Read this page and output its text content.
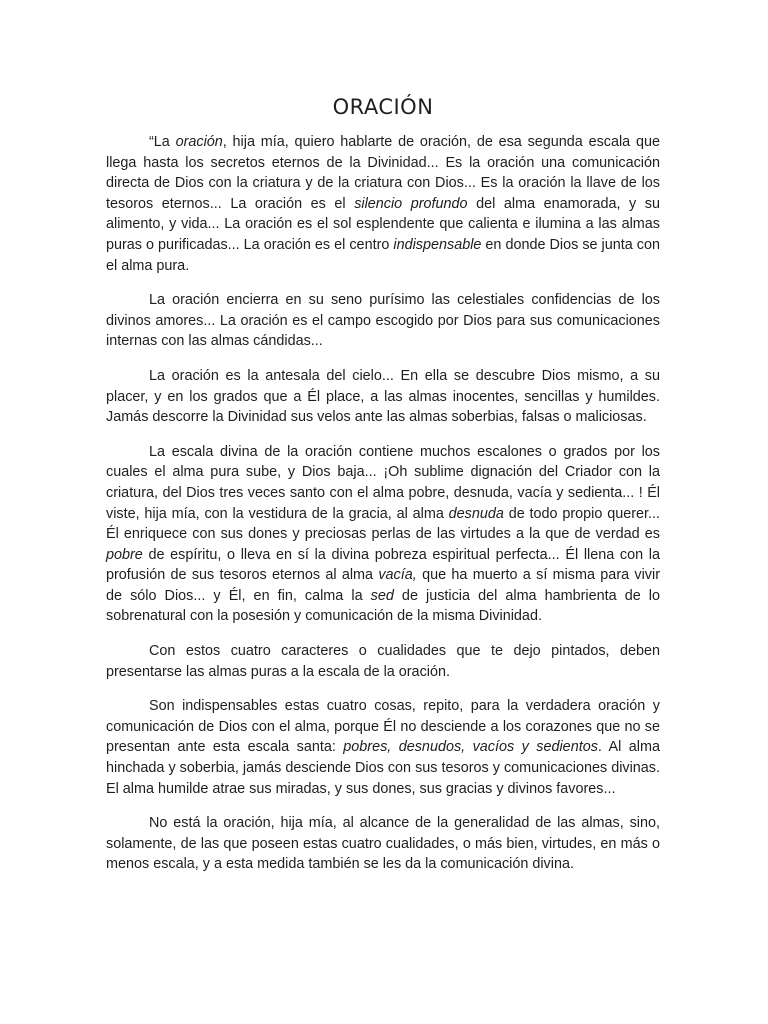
ORACIÓN

“La oración, hija mía, quiero hablarte de oración, de esa segunda escala que llega hasta los secretos eternos de la Divinidad... Es la oración una comunicación directa de Dios con la criatura y de la criatura con Dios... Es la oración la llave de los tesoros eternos... La oración es el silencio profundo del alma enamorada, y su alimento, y vida... La oración es el sol esplendente que calienta e ilumina a las almas puras o purificadas... La oración es el centro indispensable en donde Dios se junta con el alma pura.

La oración encierra en su seno purísimo las celestiales confidencias de los divinos amores... La oración es el campo escogido por Dios para sus comunicaciones internas con las almas cándidas...

La oración es la antesala del cielo... En ella se descubre Dios mismo, a su placer, y en los grados que a Él place, a las almas inocentes, sencillas y humildes. Jamás descorre la Divinidad sus velos ante las almas soberbias, falsas o maliciosas.

La escala divina de la oración contiene muchos escalones o grados por los cuales el alma pura sube, y Dios baja... ¡Oh sublime dignación del Criador con la criatura, del Dios tres veces santo con el alma pobre, desnuda, vacía y sedienta... ! Él viste, hija mía, con la vestidura de la gracia, al alma desnuda de todo propio querer... Él enriquece con sus dones y preciosas perlas de las virtudes a la que de verdad es pobre de espíritu, o lleva en sí la divina pobreza espiritual perfecta... Él llena con la profusión de sus tesoros eternos al alma vacía, que ha muerto a sí misma para vivir de sólo Dios... y Él, en fin, calma la sed de justicia del alma hambrienta de lo sobrenatural con la posesión y comunicación de la misma Divinidad.

Con estos cuatro caracteres o cualidades que te dejo pintados, deben presentarse las almas puras a la escala de la oración.

Son indispensables estas cuatro cosas, repito, para la verdadera oración y comunicación de Dios con el alma, porque Él no desciende a los corazones que no se presentan ante esta escala santa: pobres, desnudos, vacíos y sedientos. Al alma hinchada y soberbia, jamás desciende Dios con sus tesoros y comunicaciones divinas. El alma humilde atrae sus miradas, y sus dones, sus gracias y divinos favores...

No está la oración, hija mía, al alcance de la generalidad de las almas, sino, solamente, de las que poseen estas cuatro cualidades, o más bien, virtudes, en más o menos escala, y a esta medida también se les da la comunicación divina.
